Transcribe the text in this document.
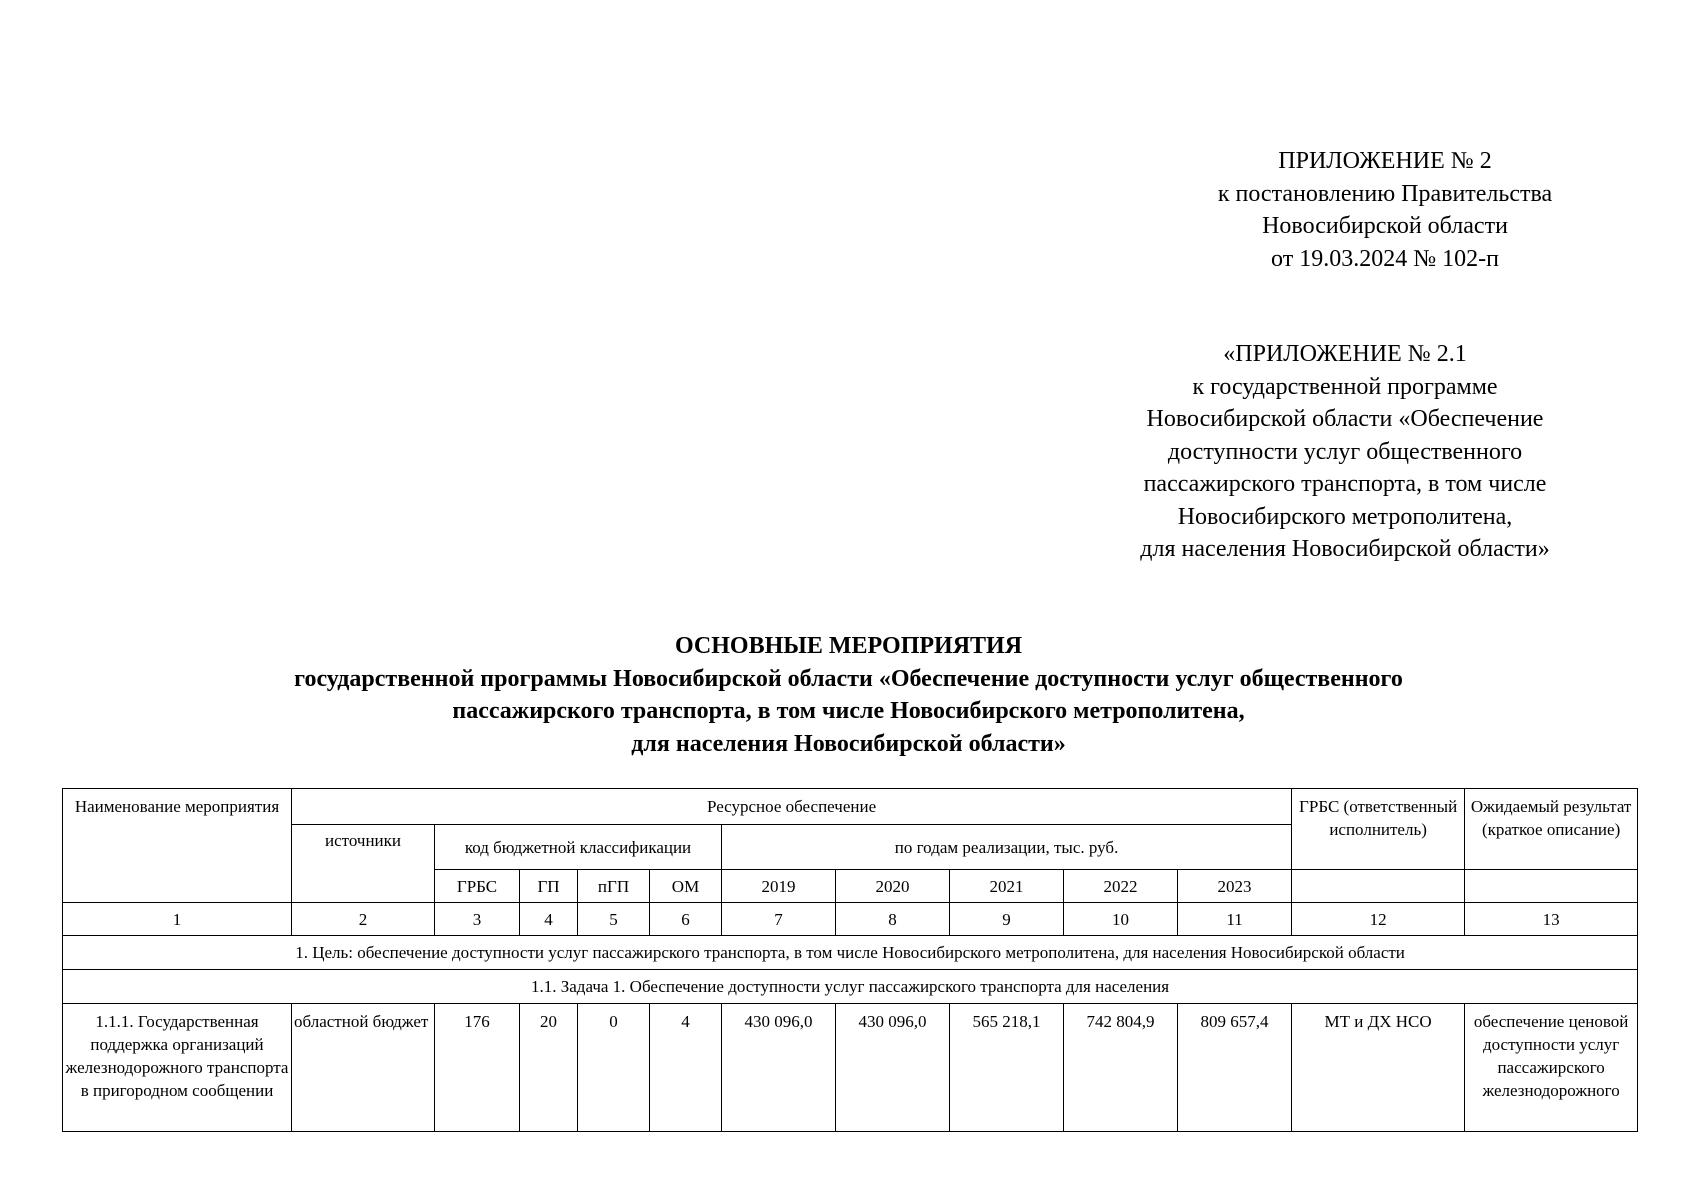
ПРИЛОЖЕНИЕ № 2
к постановлению Правительства
Новосибирской области
от 19.03.2024 № 102-п
«ПРИЛОЖЕНИЕ № 2.1
к государственной программе
Новосибирской области «Обеспечение
доступности услуг общественного
пассажирского транспорта, в том числе
Новосибирского метрополитена,
для населения Новосибирской области»
ОСНОВНЫЕ МЕРОПРИЯТИЯ
государственной программы Новосибирской области «Обеспечение доступности услуг общественного
пассажирского транспорта, в том числе Новосибирского метрополитена,
для населения Новосибирской области»
Наименование мероприятия	Ресурсное обеспечение										ГРБС (ответственный исполнитель)	Ожидаемый результат (краткое описание)
	источники	код бюджетной классификации				по годам реализации, тыс. руб.						
		ГРБС	ГП	пГП	ОМ	2019	2020	2021	2022	2023		
1	2	3	4	5	6	7	8	9	10	11	12	13
1. Цель: обеспечение доступности услуг пассажирского транспорта, в том числе Новосибирского метрополитена, для населения Новосибирской области												
1.1. Задача 1. Обеспечение доступности услуг пассажирского транспорта для населения												
1.1.1. Государственная поддержка организаций железнодорожного транспорта в пригородном сообщении	областной бюджет	176	20	0	4	430 096,0	430 096,0	565 218,1	742 804,9	809 657,4	МТ и ДХ НСО	обеспечение ценовой доступности услуг пассажирского железнодорожного
